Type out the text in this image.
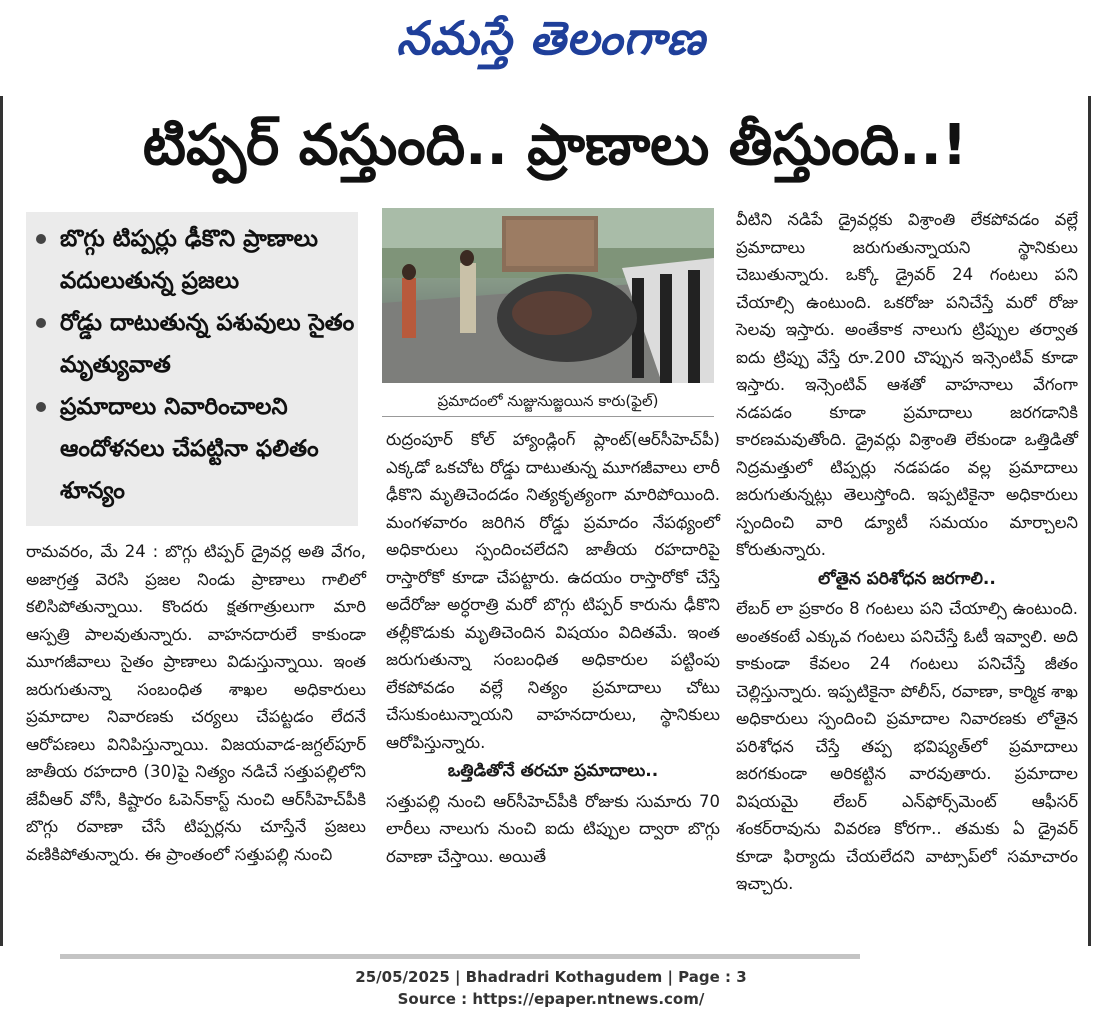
నమస్తే తెలంగాణ
టిప్పర్ వస్తుంది.. ప్రాణాలు తీస్తుంది..!
బొగ్గు టిప్పర్లు ఢీకొని ప్రాణాలు వదులుతున్న ప్రజలు
రోడ్డు దాటుతున్న పశువులు సైతం మృత్యువాత
ప్రమాదాలు నివారించాలని ఆందోళనలు చేపట్టినా ఫలితం శూన్యం
ప్రమాదంలో నుజ్జునుజ్జయిన కారు(ఫైల్)

రామవరం, మే 24 : బొగ్గు టిప్పర్ డ్రైవర్ల అతి వేగం, అజాగ్రత్త వెరసి ప్రజల నిండు ప్రాణాలు గాలిలో కలిసిపోతున్నాయి. కొందరు క్షతగాత్రులుగా మారి ఆస్పత్రి పాలవుతున్నారు. వాహనదారులే కాకుండా మూగజీవాలు సైతం ప్రాణాలు విడుస్తున్నాయి. ఇంత జరుగుతున్నా సంబంధిత శాఖల అధికారులు ప్రమాదాల నివారణకు చర్యలు చేపట్టడం లేదనే ఆరోపణలు వినిపిస్తున్నాయి. విజయవాడ-జగ్దల్‌పూర్ జాతీయ రహదారి (30)పై నిత్యం నడిచే సత్తుపల్లిలోని జేవీఆర్ వోసీ, కిష్టారం ఓపెన్‌కాస్ట్ నుంచి ఆర్‌సీహెచ్‌పీకి బొగ్గు రవాణా చేసే టిప్పర్లను చూస్తేనే ప్రజలు వణికిపోతున్నారు. ఈ ప్రాంతంలో సత్తుపల్లి నుంచి

రుద్రంపూర్ కోల్ హ్యాండ్లింగ్ ప్లాంట్(ఆర్‌సీహెచ్‌పీ) ఎక్కడో ఒకచోట రోడ్డు దాటుతున్న మూగజీవాలు లారీ ఢీకొని మృతిచెందడం నిత్యకృత్యంగా మారిపోయింది. మంగళవారం జరిగిన రోడ్డు ప్రమాదం నేపథ్యంలో అధికారులు స్పందించలేదని జాతీయ రహదారిపై రాస్తారోకో కూడా చేపట్టారు. ఉదయం రాస్తారోకో చేస్తే అదేరోజు అర్ధరాత్రి మరో బొగ్గు టిప్పర్ కారును ఢీకొని తల్లీకొడుకు మృతిచెందిన విషయం విదితమే. ఇంత జరుగుతున్నా సంబంధిత అధికారుల పట్టింపు లేకపోవడం వల్లే నిత్యం ప్రమాదాలు చోటు చేసుకుంటున్నాయని వాహనదారులు, స్థానికులు ఆరోపిస్తున్నారు.

ఒత్తిడితోనే తరచూ ప్రమాదాలు..

సత్తుపల్లి నుంచి ఆర్‌సీహెచ్‌పీకి రోజుకు సుమారు 70 లారీలు నాలుగు నుంచి ఐదు టిప్పుల ద్వారా బొగ్గు రవాణా చేస్తాయి. అయితే

వీటిని నడిపే డ్రైవర్లకు విశ్రాంతి లేకపోవడం వల్లే ప్రమాదాలు జరుగుతున్నాయని స్థానికులు చెబుతున్నారు. ఒక్కో డ్రైవర్ 24 గంటలు పని చేయాల్సి ఉంటుంది. ఒకరోజు పనిచేస్తే మరో రోజు సెలవు ఇస్తారు. అంతేకాక నాలుగు ట్రిప్పుల తర్వాత ఐదు ట్రిప్పు వేస్తే రూ.200 చొప్పున ఇన్సెంటివ్ కూడా ఇస్తారు. ఇన్సెంటివ్ ఆశతో వాహనాలు వేగంగా నడపడం కూడా ప్రమాదాలు జరగడానికి కారణమవుతోంది. డ్రైవర్లు విశ్రాంతి లేకుండా ఒత్తిడితో నిద్రమత్తులో టిప్పర్లు నడపడం వల్ల ప్రమాదాలు జరుగుతున్నట్లు తెలుస్తోంది. ఇప్పటికైనా అధికారులు స్పందించి వారి డ్యూటీ సమయం మార్చాలని కోరుతున్నారు.

లోతైన పరిశోధన జరగాలి..

లేబర్ లా ప్రకారం 8 గంటలు పని చేయాల్సి ఉంటుంది. అంతకంటే ఎక్కువ గంటలు పనిచేస్తే ఓటీ ఇవ్వాలి. అది కాకుండా కేవలం 24 గంటలు పనిచేస్తే జీతం చెల్లిస్తున్నారు. ఇప్పటికైనా పోలీస్, రవాణా, కార్మిక శాఖ అధికారులు స్పందించి ప్రమాదాల నివారణకు లోతైన పరిశోధన చేస్తే తప్ప భవిష్యత్‌లో ప్రమాదాలు జరగకుండా అరికట్టిన వారవుతారు. ప్రమాదాల విషయమై లేబర్ ఎన్‌ఫోర్స్‌మెంట్ ఆఫీసర్ శంకర్‌రావును వివరణ కోరగా.. తమకు ఏ డ్రైవర్ కూడా ఫిర్యాదు చేయలేదని వాట్సాప్‌లో సమాచారం ఇచ్చారు.

25/05/2025 | Bhadradri Kothagudem | Page : 3
Source : https://epaper.ntnews.com/
